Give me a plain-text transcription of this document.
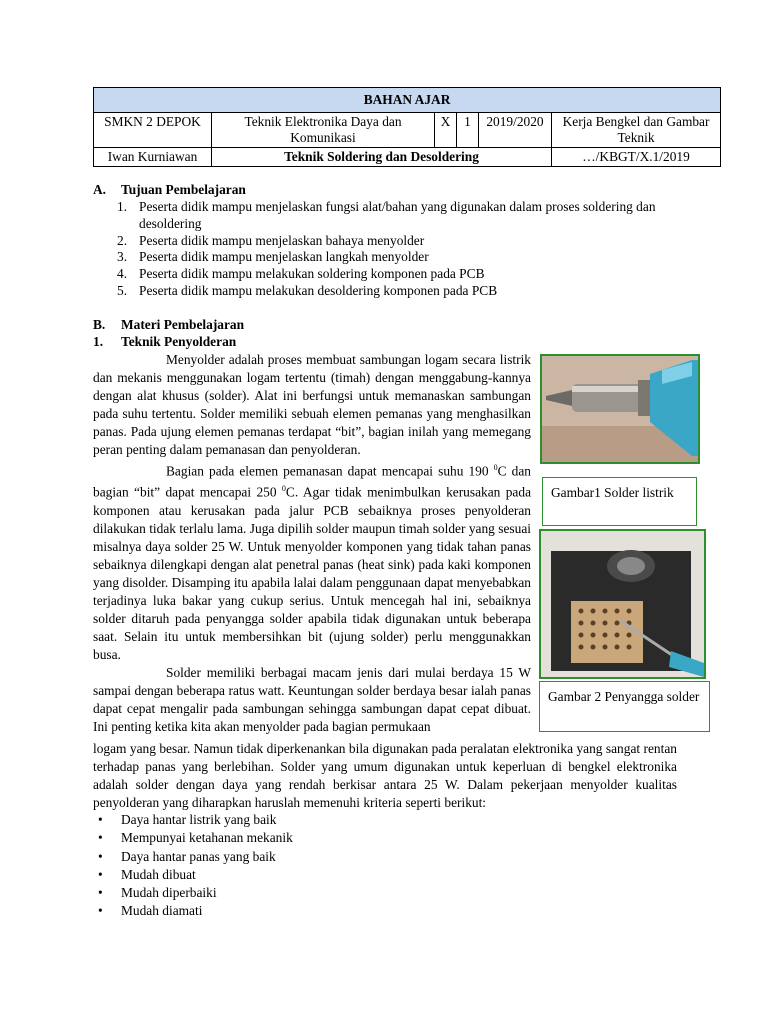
BAHAN AJAR					
SMKN 2 DEPOK	Teknik Elektronika Daya dan Komunikasi	X	1	2019/2020	Kerja Bengkel dan Gambar Teknik
Iwan Kurniawan	Teknik Soldering dan Desoldering				…/KBGT/X.1/2019
A. Tujuan Pembelajaran
1. Peserta didik mampu menjelaskan fungsi alat/bahan yang digunakan dalam proses soldering dan desoldering
2. Peserta didik mampu menjelaskan bahaya menyolder
3. Peserta didik mampu menjelaskan langkah menyolder
4. Peserta didik mampu melakukan soldering komponen pada PCB
5. Peserta didik mampu melakukan desoldering komponen pada PCB
B. Materi Pembelajaran
1. Teknik Penyolderan

Menyolder adalah proses membuat sambungan logam secara listrik dan mekanis menggunakan logam tertentu (timah) dengan menggabung-kannya dengan alat khusus (solder). Alat ini berfungsi untuk memanaskan sambungan pada suhu tertentu. Solder memiliki sebuah elemen pemanas yang menghasilkan panas. Pada ujung elemen pemanas terdapat “bit”, bagian inilah yang memegang peran penting dalam pemanasan dan penyolderan.

Bagian pada elemen pemanasan dapat mencapai suhu 190 $^0$C dan bagian “bit” dapat mencapai 250 $^0$C. Agar tidak menimbulkan kerusakan pada komponen atau kerusakan pada jalur PCB sebaiknya proses penyolderan dilakukan tidak terlalu lama. Juga dipilih solder maupun timah solder yang sesuai misalnya daya solder 25 W. Untuk menyolder komponen yang tidak tahan panas sebaiknya dilengkapi dengan alat penetral panas (heat sink) pada kaki komponen yang disolder. Disamping itu apabila lalai dalam penggunaan dapat menyebabkan terjadinya luka bakar yang cukup serius. Untuk mencegah hal ini, sebaiknya solder ditaruh pada penyangga solder apabila tidak digunakan untuk beberapa saat. Selain itu untuk membersihkan bit (ujung solder) perlu menggunakkan busa.

Solder memiliki berbagai macam jenis dari mulai berdaya 15 W sampai dengan beberapa ratus watt. Keuntungan solder berdaya besar ialah panas dapat cepat mengalir pada sambungan sehingga sambungan dapat cepat dibuat. Ini penting ketika kita akan menyolder pada bagian permukaan

logam yang besar. Namun tidak diperkenankan bila digunakan pada peralatan elektronika yang sangat rentan terhadap panas yang berlebihan. Solder yang umum digunakan untuk keperluan di bengkel elektronika adalah solder dengan daya yang rendah berkisar antara 25 W. Dalam pekerjaan menyolder kualitas penyolderan yang diharapkan haruslah memenuhi kriteria seperti berikut:

Gambar1 Solder listrik
Gambar 2 Penyangga solder
• Daya hantar listrik yang baik
• Mempunyai ketahanan mekanik
• Daya hantar panas yang baik
• Mudah dibuat
• Mudah diperbaiki
• Mudah diamati
